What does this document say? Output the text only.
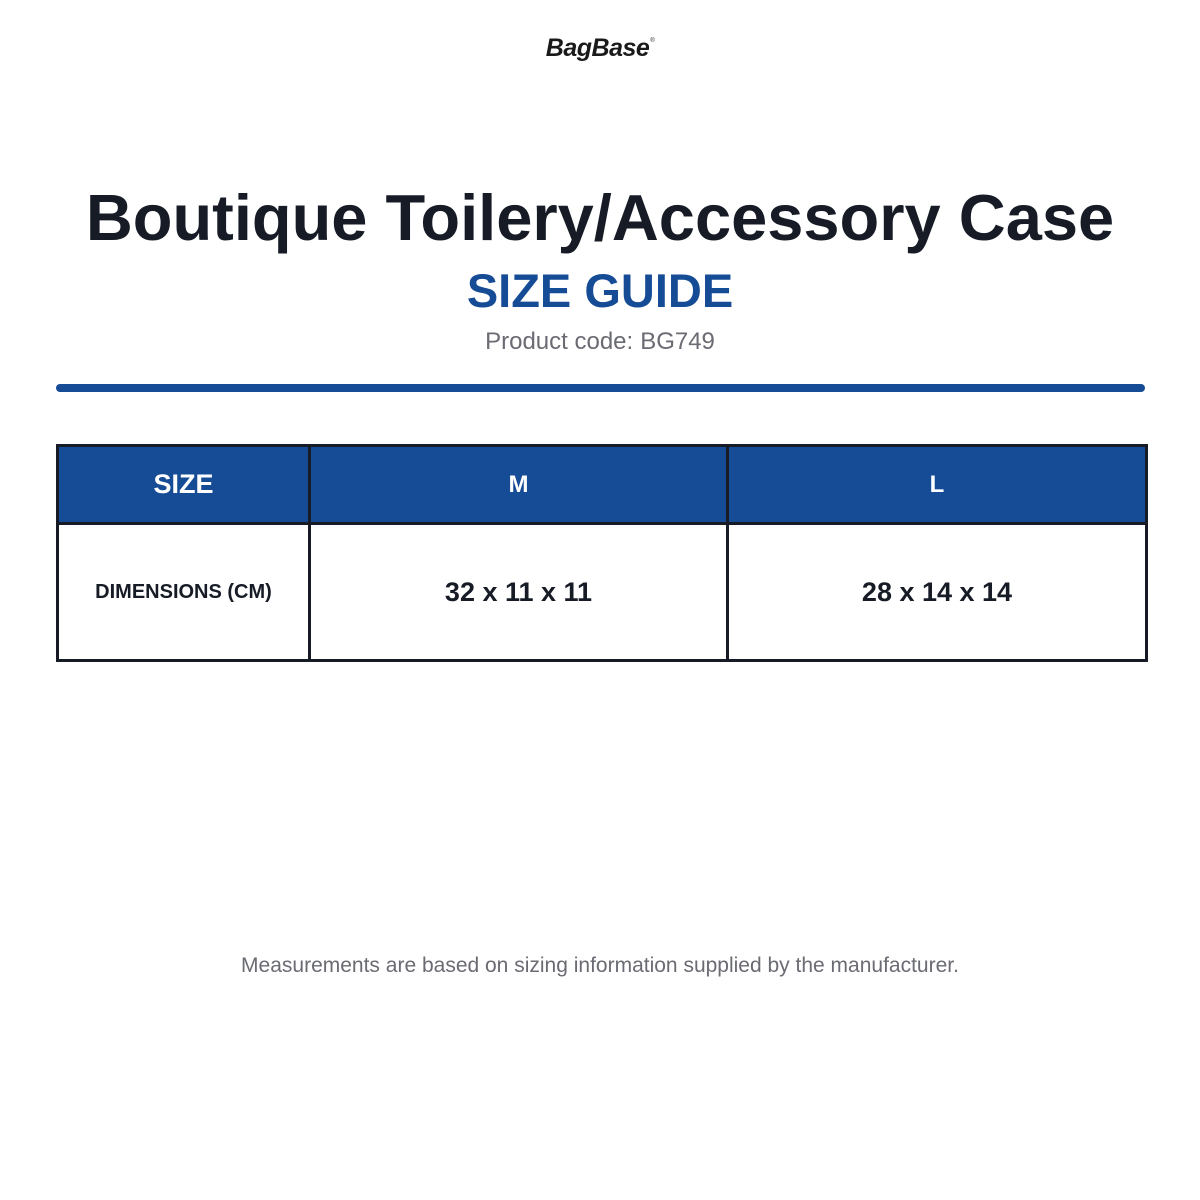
BagBase®
Boutique Toilery/Accessory Case
SIZE GUIDE
Product code: BG749
SIZE	M	L
DIMENSIONS (CM)	32 x 11 x 11	28 x 14 x 14
Measurements are based on sizing information supplied by the manufacturer.
